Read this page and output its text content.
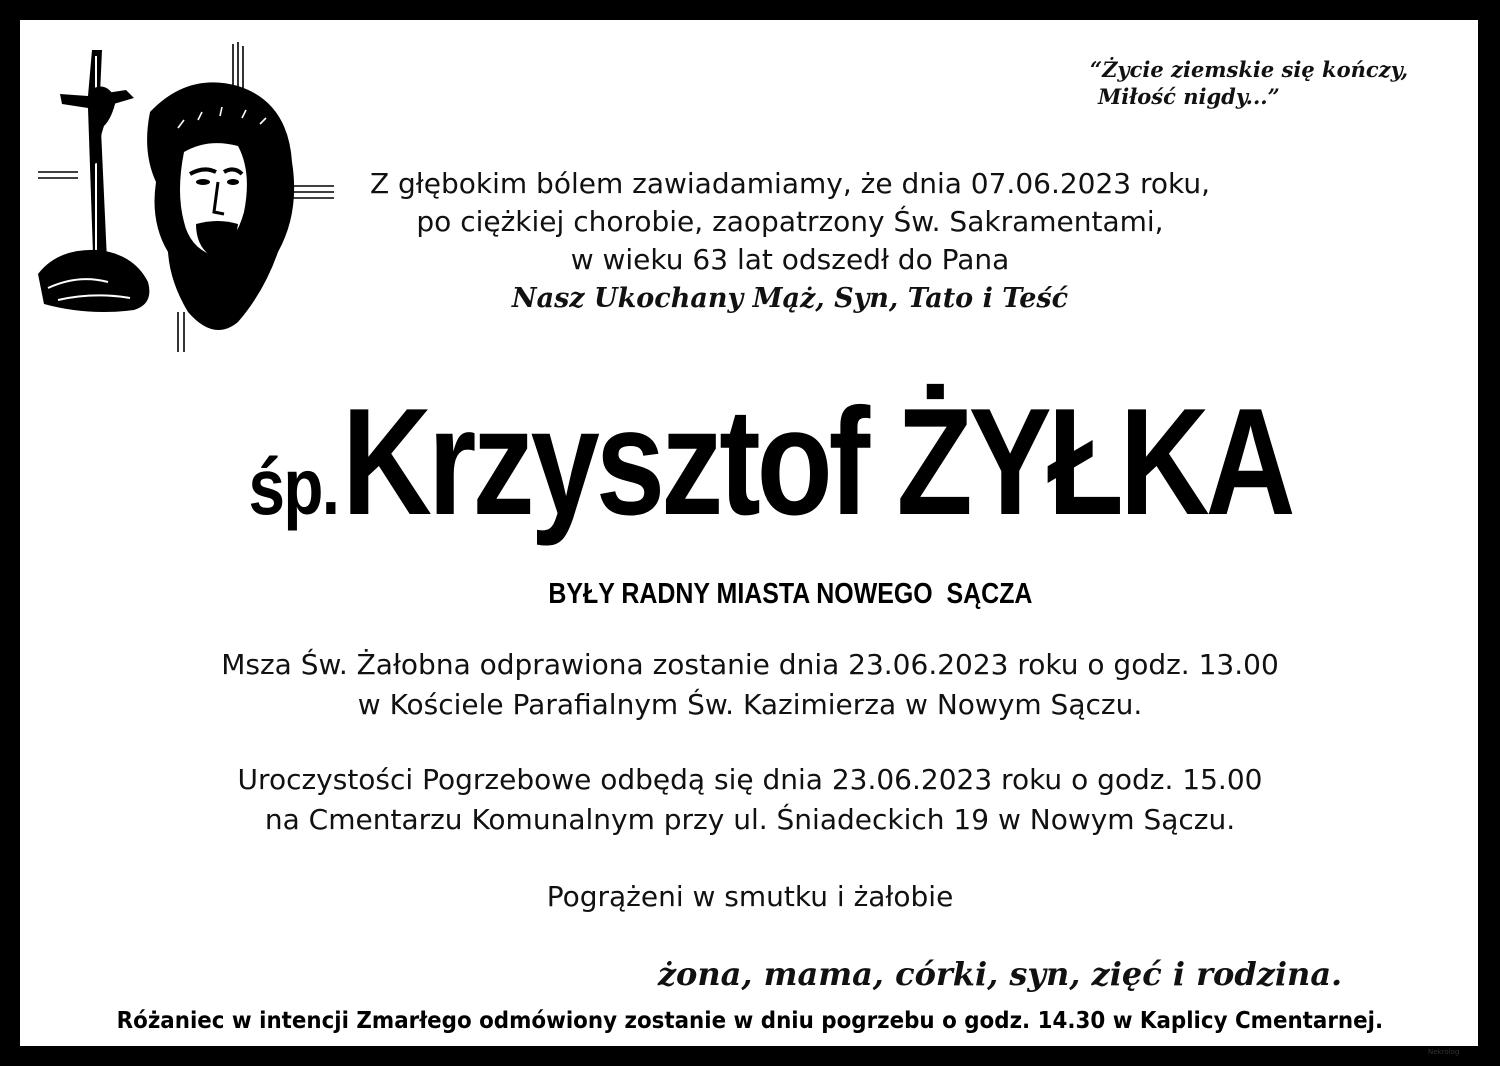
“Życie ziemskie się kończy,
Miłość nigdy...”
Z głębokim bólem zawiadamiamy, że dnia 07.06.2023 roku,
po ciężkiej chorobie, zaopatrzony Św. Sakramentami,
w wieku 63 lat odszedł do Pana
Nasz Ukochany Mąż, Syn, Tato i Teść
śp. Krzysztof ŻYŁKA
BYŁY RADNY MIASTA NOWEGO  SĄCZA
Msza Św. Żałobna odprawiona zostanie dnia 23.06.2023 roku o godz. 13.00
w Kościele Parafialnym Św. Kazimierza w Nowym Sączu.
Uroczystości Pogrzebowe odbędą się dnia 23.06.2023 roku o godz. 15.00
na Cmentarzu Komunalnym przy ul. Śniadeckich 19 w Nowym Sączu.
Pogrążeni w smutku i żałobie
żona, mama, córki, syn, zięć i rodzina.
Różaniec w intencji Zmarłego odmówiony zostanie w dniu pogrzebu o godz. 14.30 w Kaplicy Cmentarnej.
Nekrolog
